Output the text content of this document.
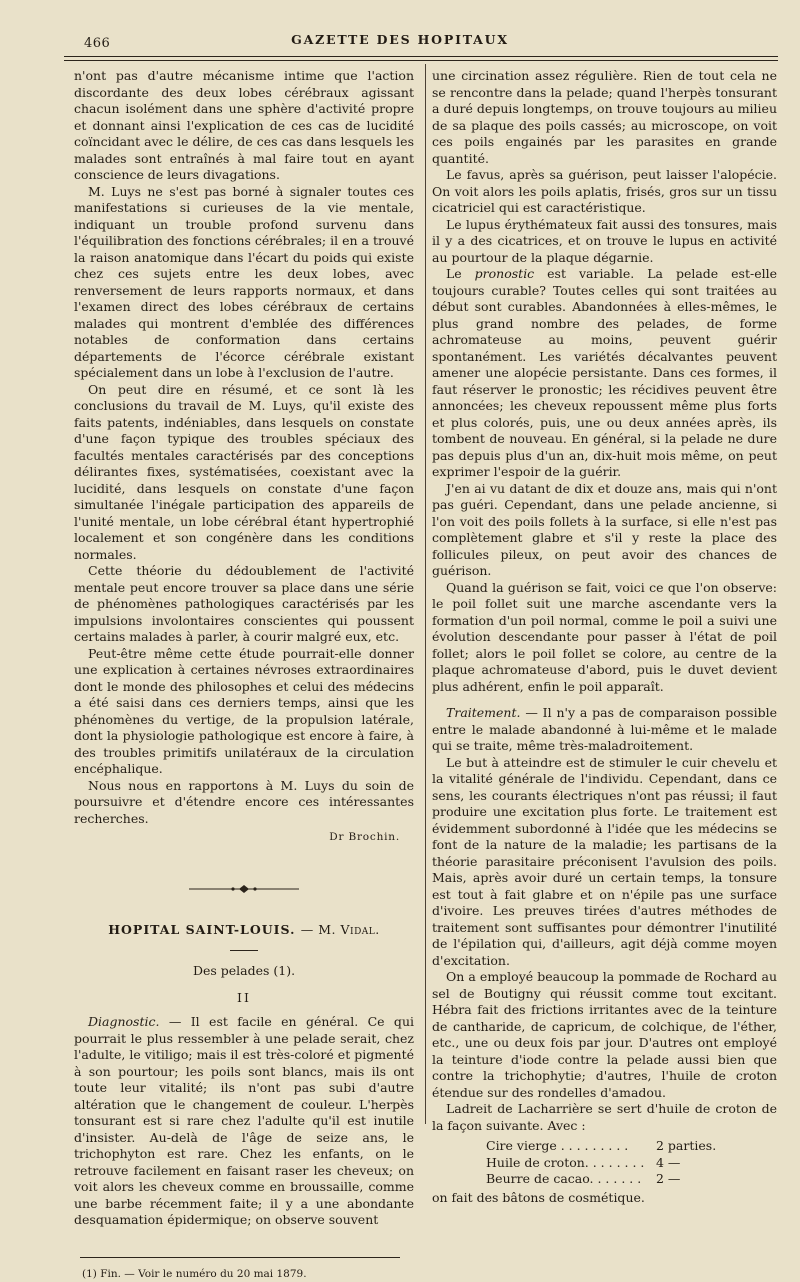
466	GAZETTE DES HOPITAUX

n'ont pas d'autre mécanisme intime que l'action discordante des deux lobes cérébraux agissant chacun isolément dans une sphère d'activité propre et donnant ainsi l'explication de ces cas de lucidité coïncidant avec le délire, de ces cas dans lesquels les malades sont entraînés à mal faire tout en ayant conscience de leurs divagations.

M. Luys ne s'est pas borné à signaler toutes ces manifestations si curieuses de la vie mentale, indiquant un trouble profond survenu dans l'équilibration des fonctions cérébrales; il en a trouvé la raison anatomique dans l'écart du poids qui existe chez ces sujets entre les deux lobes, avec renversement de leurs rapports normaux, et dans l'examen direct des lobes cérébraux de certains malades qui montrent d'emblée des différences notables de conformation dans certains départements de l'écorce cérébrale existant spécialement dans un lobe à l'exclusion de l'autre.

On peut dire en résumé, et ce sont là les conclusions du travail de M. Luys, qu'il existe des faits patents, indéniables, dans lesquels on constate d'une façon typique des troubles spéciaux des facultés mentales caractérisés par des conceptions délirantes fixes, systématisées, coexistant avec la lucidité, dans lesquels on constate d'une façon simultanée l'inégale participation des appareils de l'unité mentale, un lobe cérébral étant hypertrophié localement et son congénère dans les conditions normales.

Cette théorie du dédoublement de l'activité mentale peut encore trouver sa place dans une série de phénomènes pathologiques caractérisés par les impulsions involontaires conscientes qui poussent certains malades à parler, à courir malgré eux, etc.

Peut-être même cette étude pourrait-elle donner une explication à certaines névroses extraordinaires dont le monde des philosophes et celui des médecins a été saisi dans ces derniers temps, ainsi que les phénomènes du vertige, de la propulsion latérale, dont la physiologie pathologique est encore à faire, à des troubles primitifs unilatéraux de la circulation encéphalique.

Nous nous en rapportons à M. Luys du soin de poursuivre et d'étendre encore ces intéressantes recherches.

Dr Brochin.
HOPITAL SAINT-LOUIS. — M. Vidal.
Des pelades (1).
II

Diagnostic. — Il est facile en général. Ce qui pourrait le plus ressembler à une pelade serait, chez l'adulte, le vitiligo; mais il est très-coloré et pigmenté à son pourtour; les poils sont blancs, mais ils ont toute leur vitalité; ils n'ont pas subi d'autre altération que le changement de couleur. L'herpès tonsurant est si rare chez l'adulte qu'il est inutile d'insister. Au-delà de l'âge de seize ans, le trichophyton est rare. Chez les enfants, on le retrouve facilement en faisant raser les cheveux; on voit alors les cheveux comme en broussaille, comme une barbe récemment faite; il y a une abondante desquamation épidermique; on observe souvent

(1) Fin. — Voir le numéro du 20 mai 1879.

une circination assez régulière. Rien de tout cela ne se rencontre dans la pelade; quand l'herpès tonsurant a duré depuis longtemps, on trouve toujours au milieu de sa plaque des poils cassés; au microscope, on voit ces poils engainés par les parasites en grande quantité.

Le favus, après sa guérison, peut laisser l'alopécie. On voit alors les poils aplatis, frisés, gros sur un tissu cicatriciel qui est caractéristique.

Le lupus érythémateux fait aussi des tonsures, mais il y a des cicatrices, et on trouve le lupus en activité au pourtour de la plaque dégarnie.

Le pronostic est variable. La pelade est-elle toujours curable? Toutes celles qui sont traitées au début sont curables. Abandonnées à elles-mêmes, le plus grand nombre des pelades, de forme achromateuse au moins, peuvent guérir spontanément. Les variétés décalvantes peuvent amener une alopécie persistante. Dans ces formes, il faut réserver le pronostic; les récidives peuvent être annoncées; les cheveux repoussent même plus forts et plus colorés, puis, une ou deux années après, ils tombent de nouveau. En général, si la pelade ne dure pas depuis plus d'un an, dix-huit mois même, on peut exprimer l'espoir de la guérir.

J'en ai vu datant de dix et douze ans, mais qui n'ont pas guéri. Cependant, dans une pelade ancienne, si l'on voit des poils follets à la surface, si elle n'est pas complètement glabre et s'il y reste la place des follicules pileux, on peut avoir des chances de guérison.

Quand la guérison se fait, voici ce que l'on observe: le poil follet suit une marche ascendante vers la formation d'un poil normal, comme le poil a suivi une évolution descendante pour passer à l'état de poil follet; alors le poil follet se colore, au centre de la plaque achromateuse d'abord, puis le duvet devient plus adhérent, enfin le poil apparaît.

Traitement. — Il n'y a pas de comparaison possible entre le malade abandonné à lui-même et le malade qui se traite, même très-maladroitement.

Le but à atteindre est de stimuler le cuir chevelu et la vitalité générale de l'individu. Cependant, dans ce sens, les courants électriques n'ont pas réussi; il faut produire une excitation plus forte. Le traitement est évidemment subordonné à l'idée que les médecins se font de la nature de la maladie; les partisans de la théorie parasitaire préconisent l'avulsion des poils. Mais, après avoir duré un certain temps, la tonsure est tout à fait glabre et on n'épile pas une surface d'ivoire. Les preuves tirées d'autres méthodes de traitement sont suffisantes pour démontrer l'inutilité de l'épilation qui, d'ailleurs, agit déjà comme moyen d'excitation.

On a employé beaucoup la pommade de Rochard au sel de Boutigny qui réussit comme tout excitant. Hébra fait des frictions irritantes avec de la teinture de cantharide, de capricum, de colchique, de l'éther, etc., une ou deux fois par jour. D'autres ont employé la teinture d'iode contre la pelade aussi bien que contre la trichophytie; d'autres, l'huile de croton étendue sur des rondelles d'amadou.

Ladreit de Lacharrière se sert d'huile de croton de la façon suivante. Avec :

Cire vierge . . . . . . . . .	2 parties.
Huile de croton. . . . . . . . 4 —
Beurre de cacao. . . . . . .	2 —

on fait des bâtons de cosmétique.
